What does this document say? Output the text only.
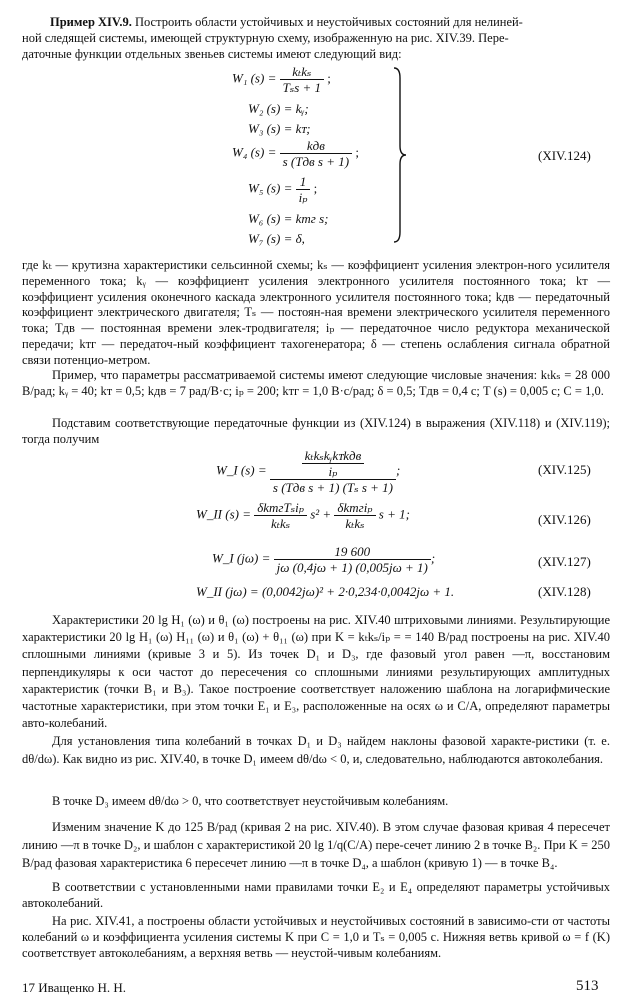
Пример XIV.9. Построить области устойчивых и неустойчивых состояний для нелиней-
ной следящей системы, имеющей структурную схему, изображенную на рис. XIV.39. Пере-
даточные функции отдельных звеньев системы имеют следующий вид:
W₁ $(s) = \frac{\text{kₜkₛ}}{\text{Tₛs + 1}}$ ;
W₂ (s) = kᵧ;
W₃ (s) = kᴛ;
W₄ $(s) = \frac{\text{kдв}}{\text{s (Tдв s + 1)}}$ ;
W₅ $(s) = \frac{1}{\text{iₚ}}$ ;
W₆ (s) = kтг s;
W₇ (s) = δ,
(XIV.124)
где kₜ — крутизна характеристики сельсинной схемы; kₛ — коэффициент усиления электрон-ного усилителя переменного тока; kᵧ — коэффициент усиления электронного усилителя постоянного тока; kᴛ — коэффициент усиления оконечного каскада электронного усилителя постоянного тока; kдв — передаточный коэффициент электрического двигателя; Tₛ — постоян-ная времени электрического усилителя переменного тока; Tдв — постоянная времени элек-тродвигателя; iₚ — передаточное число редуктора механической передачи; kтг — передаточ-ный коэффициент тахогенератора; δ — степень ослабления сигнала обратной связи потенцио-метром.
Пример, что параметры рассматриваемой системы имеют следующие числовые значения: kₜkₛ = 28 000 В/рад; kᵧ = 40; kᴛ = 0,5; kдв = 7 рад/В·с; iₚ = 200; kтг = 1,0 В·с/рад; δ = 0,5; Tдв = 0,4 с; T (s) = 0,005 с; C = 1,0.
Подставим соответствующие передаточные функции из (XIV.124) в выражения (XIV.118) и (XIV.119); тогда получим
W_I $(s) = \frac{\frac{\text{kₜkₛkᵧkᴛkдв}}{\text{iₚ}}}{\text{s (Tдв s + 1) (Tₛ s + 1)}}$ ;	(XIV.125)
W_II $(s) = \frac{\text{δkтгTₛiₚ}}{\text{kₜkₛ}} s^2 + \frac{\text{δkтгiₚ}}{\text{kₜkₛ}}$ s + 1;	(XIV.126)
W_I $(j\omega) = \frac{19 600}{j\omega (0,4j\omega + 1) (0,005j\omega + 1)}$ ;	(XIV.127)
W_II (jω) = (0,0042jω)² + 2·0,234·0,0042jω + 1.	(XIV.128)
Характеристики 20 lg H₁ (ω) и θ₁ (ω) построены на рис. XIV.40 штриховыми линиями. Результирующие характеристики 20 lg H₁ (ω) H₁₁ (ω) и θ₁ (ω) + θ₁₁ (ω) при K = kₜkₛ/iₚ = = 140 В/рад построены на рис. XIV.40 сплошными линиями (кривые 3 и 5). Из точек D₁ и D₃, где фазовый угол равен —π, восстановим перпендикуляры к оси частот до пересечения со сплошными линиями результирующих амплитудных характеристик (точки B₁ и B₃). Такое построение соответствует наложению шаблона на логарифмические частотные характеристики, при этом точки E₁ и E₃, расположенные на осях ω и C/A, определяют параметры авто-колебаний.
Для установления типа колебаний в точках D₁ и D₃ найдем наклоны фазовой характе-ристики (т. е. dθ/dω). Как видно из рис. XIV.40, в точке D₁ имеем dθ/dω < 0, и, следовательно, наблюдаются автоколебания.
В точке D₃ имеем dθ/dω > 0, что соответствует неустойчивым колебаниям.
Изменим значение K до 125 В/рад (кривая 2 на рис. XIV.40). В этом случае фазовая кривая 4 пересечет линию —π в точке D₂, и шаблон с характеристикой 20 lg 1/q(C/A) пере-сечет линию 2 в точке B₂. При K = 250 В/рад фазовая характеристика 6 пересечет линию —π в точке D₄, а шаблон (кривую 1) — в точке B₄.
В соответствии с установленными нами правилами точки E₂ и E₄ определяют параметры устойчивых автоколебаний.
На рис. XIV.41, а построены области устойчивых и неустойчивых состояний в зависимо-сти от частоты колебаний ω и коэффициента усиления системы K при C = 1,0 и Tₛ = 0,005 с. Нижняя ветвь кривой ω = f (K) соответствует автоколебаниям, а верхняя ветвь — неустой-чивым колебаниям.
17 Иващенко Н. Н.	513
